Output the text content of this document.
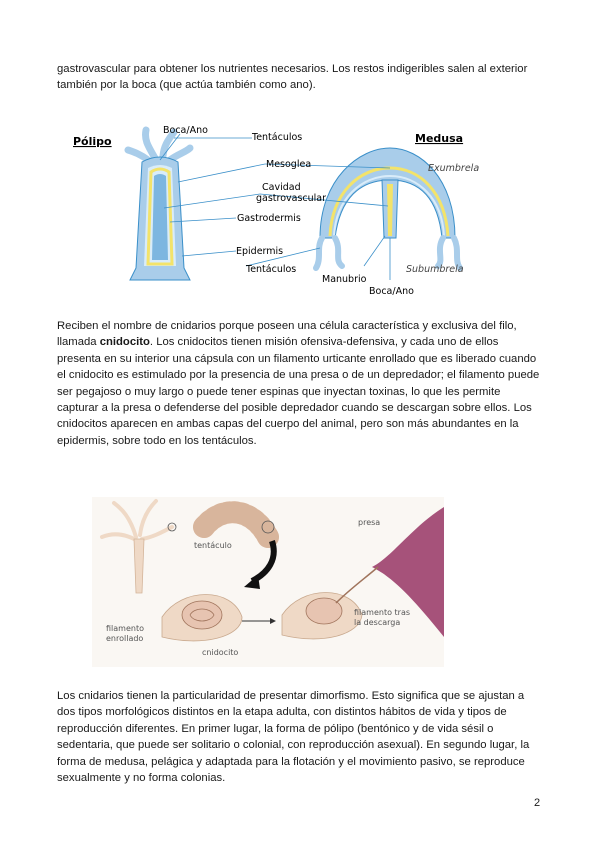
gastrovascular para obtener los nutrientes necesarios. Los restos indigeribles salen al exterior también por la boca (que actúa también como ano).

Pólipo	Medusa
Boca/Ano
Tentáculos
Mesoglea	Exumbrela
Cavidad
gastrovascular
Gastrodermis
Epidermis
Tentáculos	Subumbrela
Manubrio
Boca/Ano

Reciben el nombre de cnidarios porque poseen una célula característica y exclusiva del filo, llamada cnidocito. Los cnidocitos tienen misión ofensiva-defensiva, y cada uno de ellos presenta en su interior una cápsula con un filamento urticante enrollado que es liberado cuando el cnidocito es estimulado por la presencia de una presa o de un depredador; el filamento puede ser pegajoso o muy largo o puede tener espinas que inyectan toxinas, lo que les permite capturar a la presa o defenderse del posible depredador cuando se descargan sobre ellos. Los cnidocitos aparecen en ambas capas del cuerpo del animal, pero son más abundantes en la epidermis, sobre todo en los tentáculos.

tentáculo
presa
filamento
enrollado
cnidocito
filamento tras
la descarga

Los cnidarios tienen la particularidad de presentar dimorfismo. Esto significa que se ajustan a dos tipos morfológicos distintos en la etapa adulta, con distintos hábitos de vida y tipos de reproducción diferentes. En primer lugar, la forma de pólipo (bentónico y de vida sésil o sedentaria, que puede ser solitario o colonial, con reproducción asexual). En segundo lugar, la forma de medusa, pelágica y adaptada para la flotación y el movimiento pasivo, se reproduce sexualmente y no forma colonias.

2
